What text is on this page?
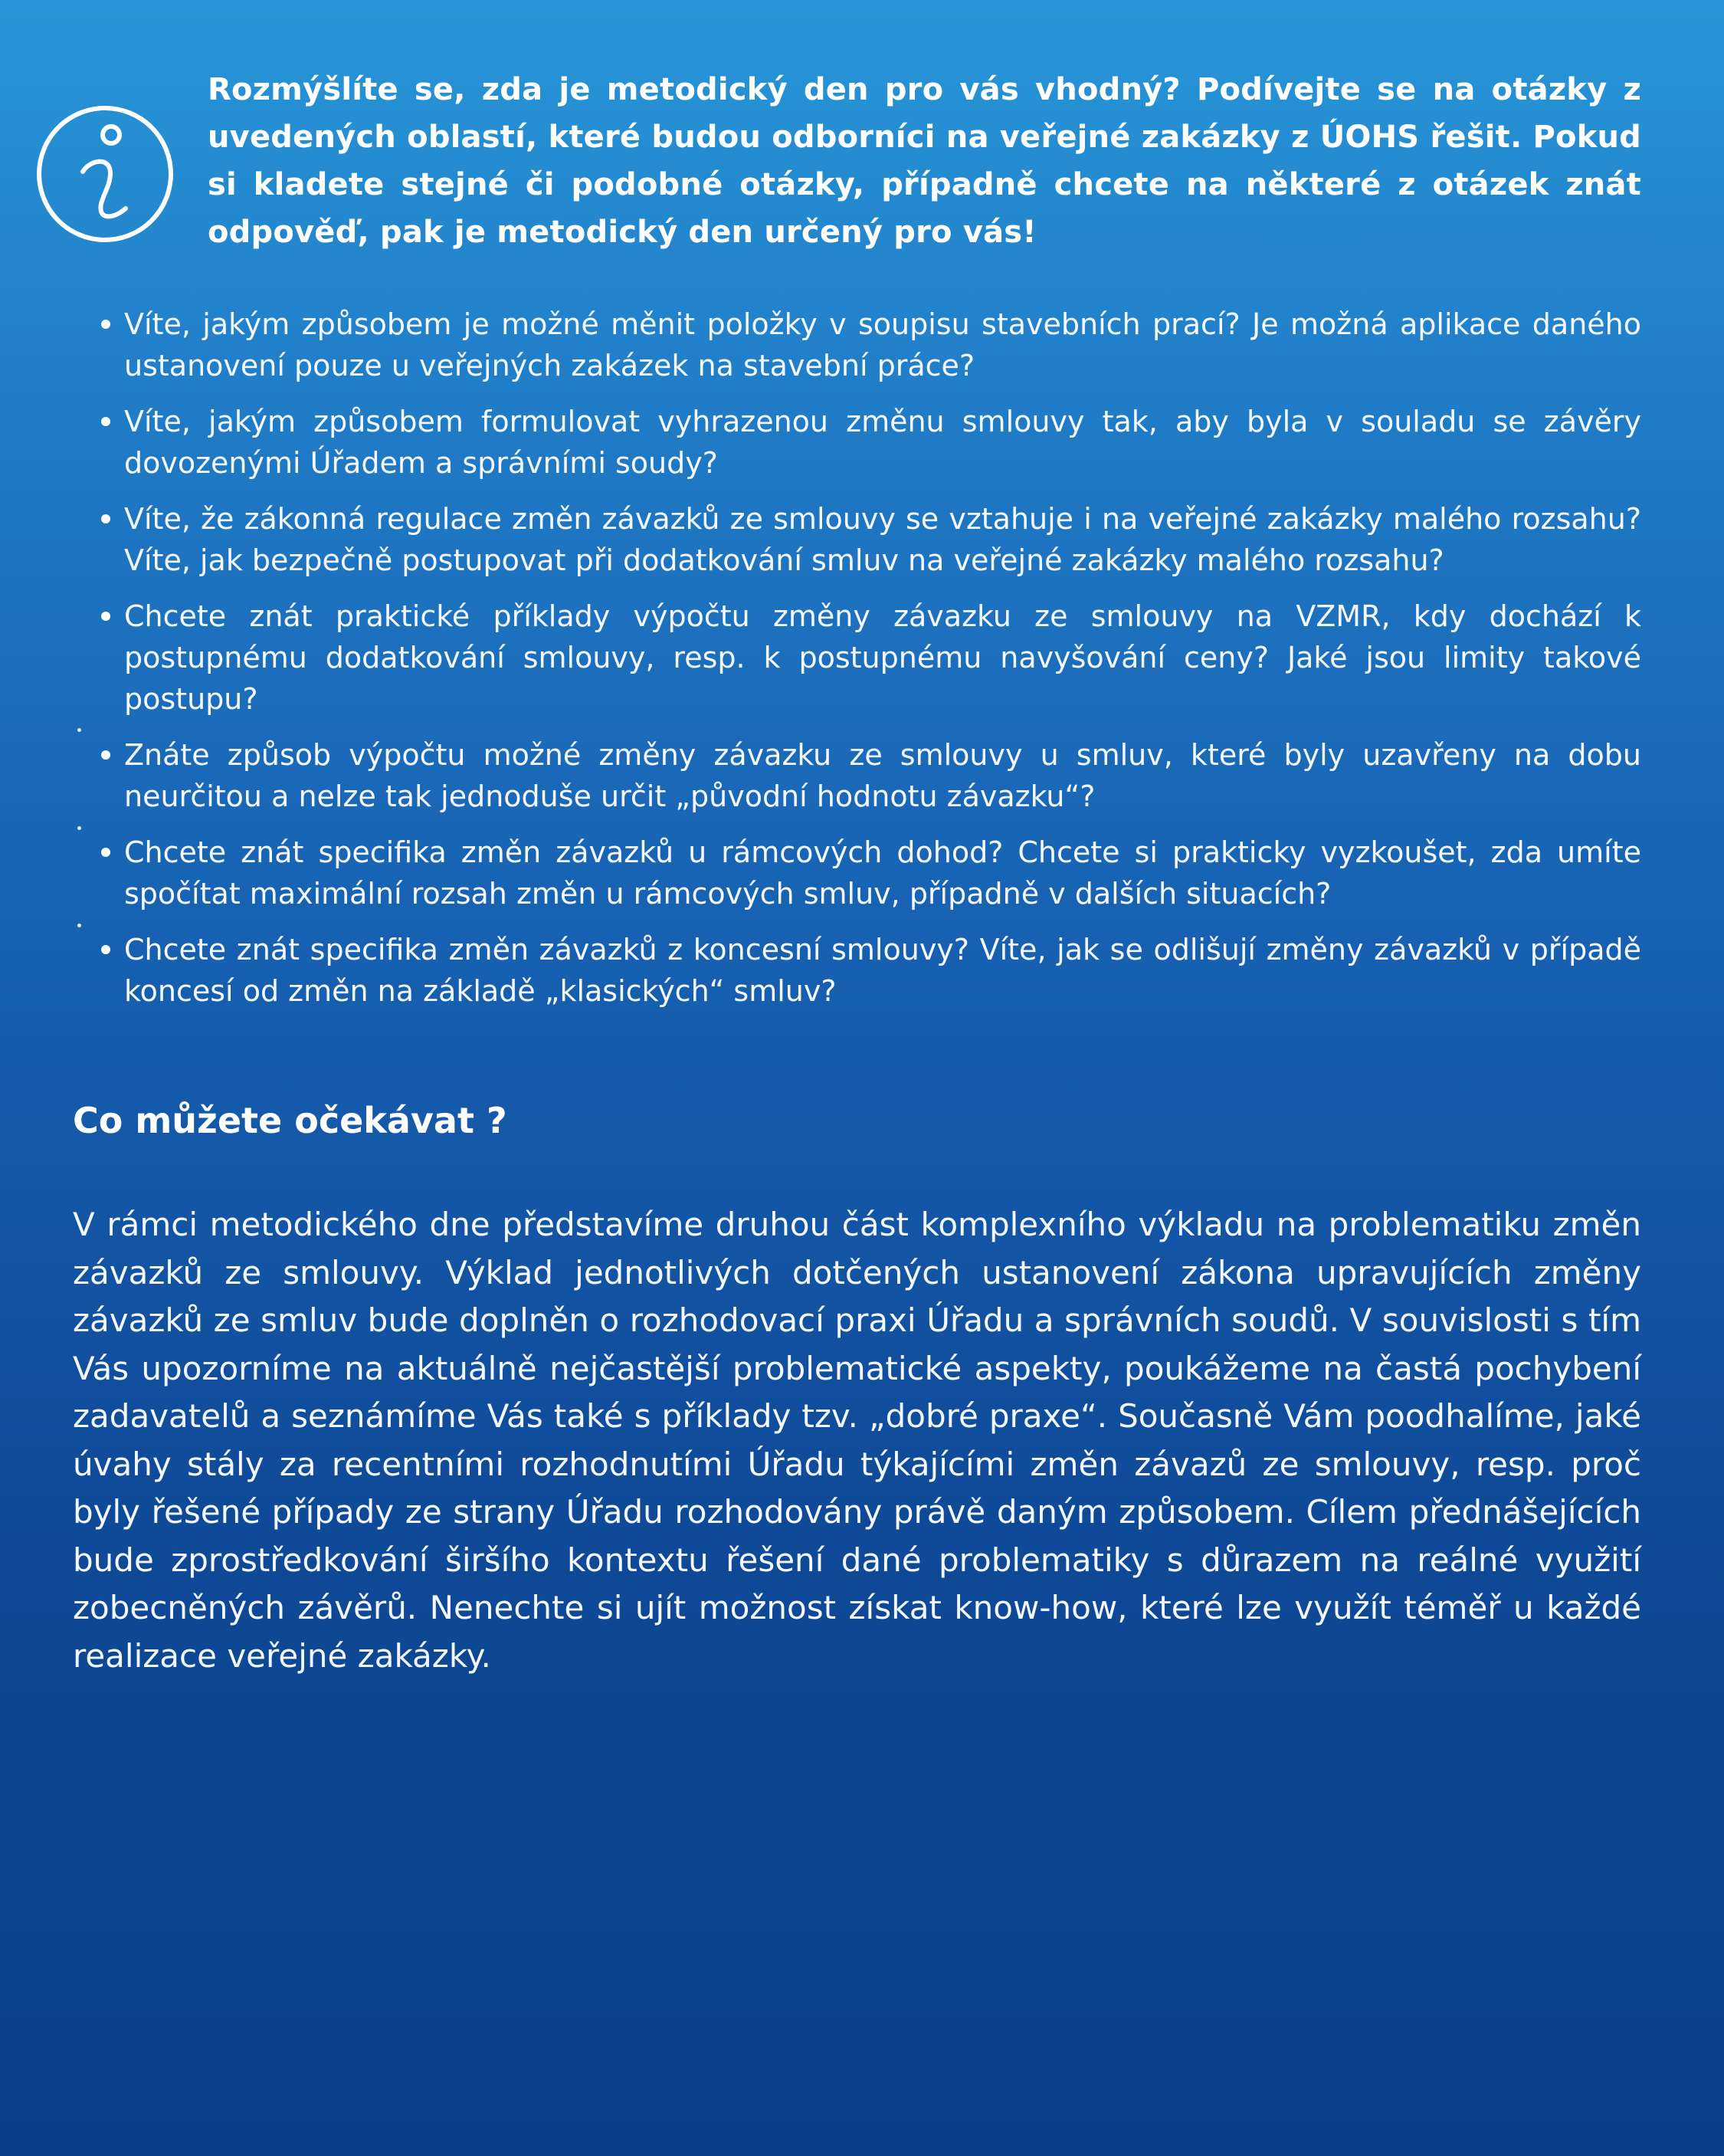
Rozmýšlíte se, zda je metodický den pro vás vhodný? Podívejte se na otázky z uvedených oblastí, které budou odborníci na veřejné zakázky z ÚOHS řešit. Pokud si kladete stejné či podobné otázky, případně chcete na některé z otázek znát odpověď, pak je metodický den určený pro vás!

Víte, jakým způsobem je možné měnit položky v soupisu stavebních prací? Je možná aplikace daného ustanovení pouze u veřejných zakázek na stavební práce?
Víte, jakým způsobem formulovat vyhrazenou změnu smlouvy tak, aby byla v souladu se závěry dovozenými Úřadem a správními soudy?
Víte, že zákonná regulace změn závazků ze smlouvy se vztahuje i na veřejné zakázky malého rozsahu? Víte, jak bezpečně postupovat při dodatkování smluv na veřejné zakázky malého rozsahu?
Chcete znát praktické příklady výpočtu změny závazku ze smlouvy na VZMR, kdy dochází k postupnému dodatkování smlouvy, resp. k postupnému navyšování ceny? Jaké jsou limity takové postupu?
Znáte způsob výpočtu možné změny závazku ze smlouvy u smluv, které byly uzavřeny na dobu neurčitou a nelze tak jednoduše určit „původní hodnotu závazku“?
Chcete znát specifika změn závazků u rámcových dohod? Chcete si prakticky vyzkoušet, zda umíte spočítat maximální rozsah změn u rámcových smluv, případně v dalších situacích?
Chcete znát specifika změn závazků z koncesní smlouvy? Víte, jak se odlišují změny závazků v případě koncesí od změn na základě „klasických“ smluv?
Co můžete očekávat ?

V rámci metodického dne představíme druhou část komplexního výkladu na problematiku změn závazků ze smlouvy. Výklad jednotlivých dotčených ustanovení zákona upravujících změny závazků ze smluv bude doplněn o rozhodovací praxi Úřadu a správních soudů. V souvislosti s tím Vás upozorníme na aktuálně nejčastější problematické aspekty, poukážeme na častá pochybení zadavatelů a seznámíme Vás také s příklady tzv. „dobré praxe“. Současně Vám poodhalíme, jaké úvahy stály za recentními rozhodnutími Úřadu týkajícími změn závazů ze smlouvy, resp. proč byly řešené případy ze strany Úřadu rozhodovány právě daným způsobem. Cílem přednášejících bude zprostředkování širšího kontextu řešení dané problematiky s důrazem na reálné využití zobecněných závěrů. Nenechte si ujít možnost získat know-how, které lze využít téměř u každé realizace veřejné zakázky.
